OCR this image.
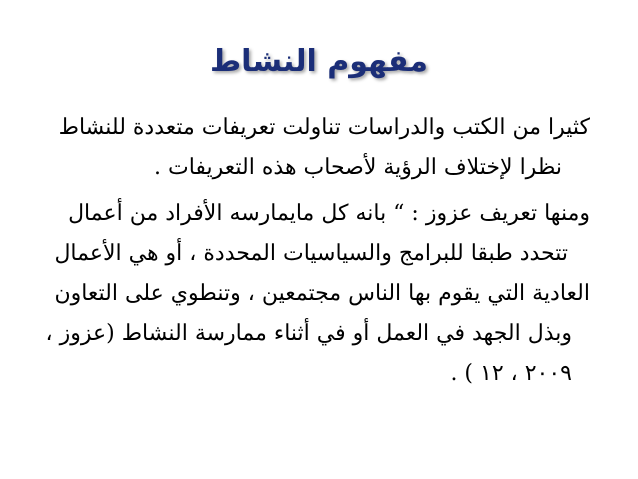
مفهوم النشاط
كثيرا من الكتب والدراسات تناولت تعريفات متعددة للنشاط
نظرا لإختلاف الرؤية لأصحاب هذه التعريفات .
ومنها تعريف عزوز : “ بانه كل مايمارسه الأفراد من أعمال
تتحدد طبقا للبرامج والسياسيات المحددة ، أو هي الأعمال
العادية التي يقوم بها الناس مجتمعين ، وتنطوي على التعاون
وبذل الجهد في العمل أو في أثناء ممارسة النشاط (عزوز ،
٢٠٠٩ ، ١٢ ) .
